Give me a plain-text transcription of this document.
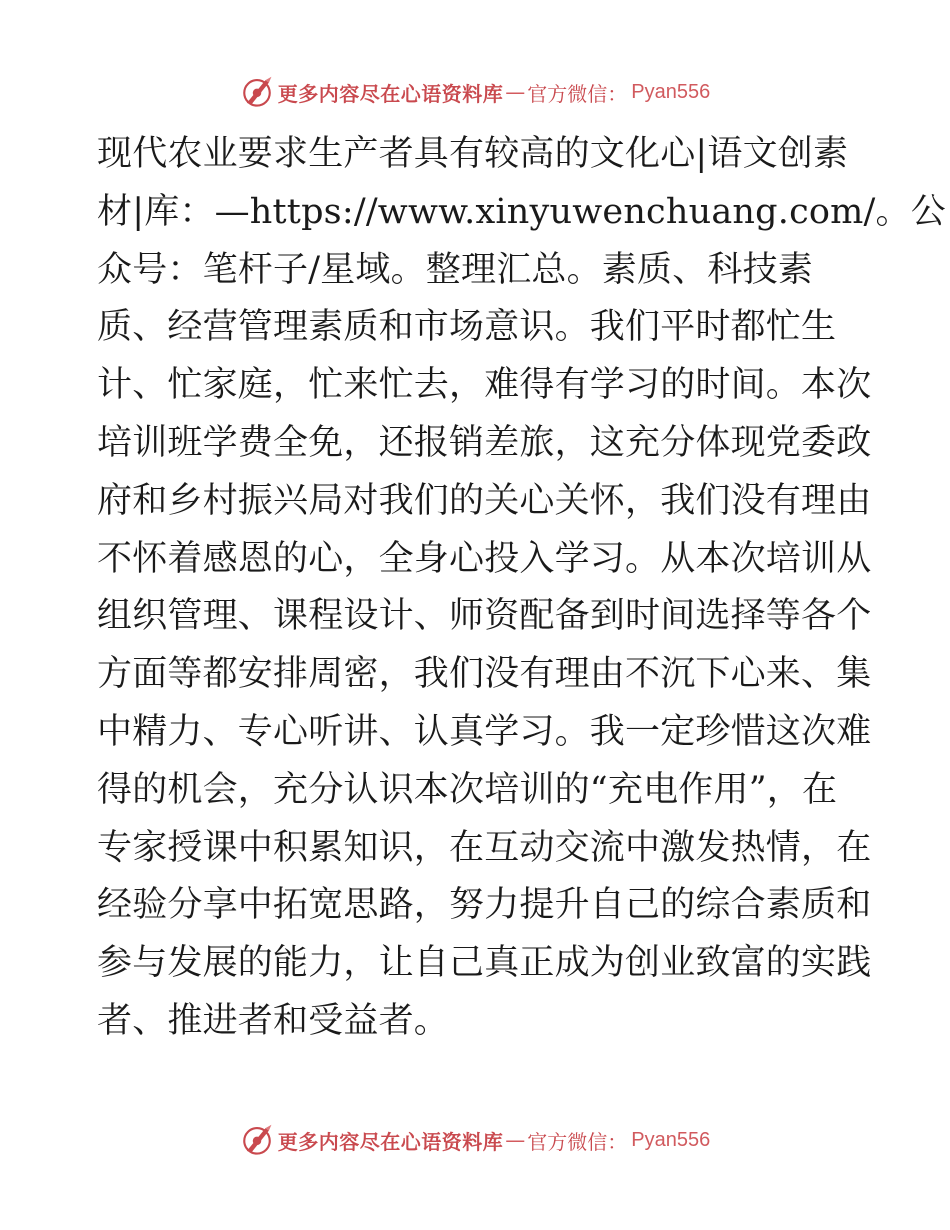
更多内容尽在心语资料库 — 官方微信： Pyan556

现代农业要求生产者具有较高的文化心|语文创素
材|库：—https://www.xinyuwenchuang.com/。公
众号：笔杆子/星域。整理汇总。素质、科技素
质、经营管理素质和市场意识。我们平时都忙生
计、忙家庭，忙来忙去，难得有学习的时间。本次
培训班学费全免，还报销差旅，这充分体现党委政
府和乡村振兴局对我们的关心关怀，我们没有理由
不怀着感恩的心，全身心投入学习。从本次培训从
组织管理、课程设计、师资配备到时间选择等各个
方面等都安排周密，我们没有理由不沉下心来、集
中精力、专心听讲、认真学习。我一定珍惜这次难
得的机会，充分认识本次培训的“充电作用”，在
专家授课中积累知识，在互动交流中激发热情，在
经验分享中拓宽思路，努力提升自己的综合素质和
参与发展的能力，让自己真正成为创业致富的实践
者、推进者和受益者。

更多内容尽在心语资料库 — 官方微信： Pyan556
